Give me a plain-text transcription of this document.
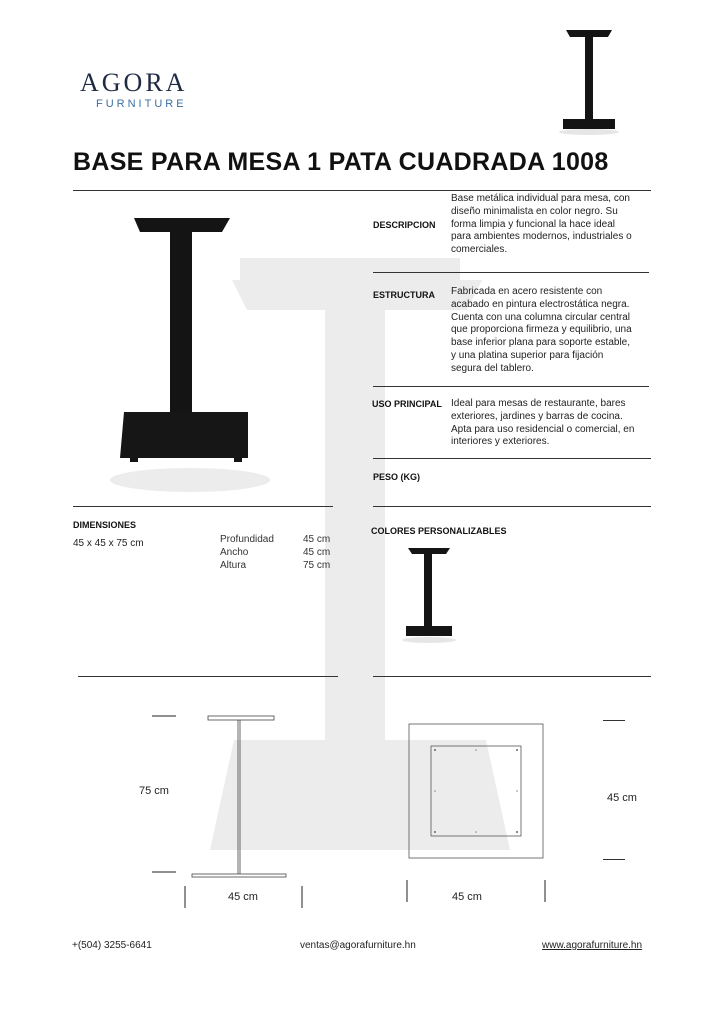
AGORA
FURNITURE
BASE PARA MESA 1 PATA CUADRADA 1008
DESCRIPCION
Base metálica individual para mesa, con
diseño minimalista en color negro. Su
forma limpia y funcional la hace ideal
para ambientes modernos, industriales o
comerciales.
ESTRUCTURA Fabricada en acero resistente con
acabado en pintura electrostática negra.
Cuenta con una columna circular central
que proporciona firmeza y equilibrio, una
base inferior plana para soporte estable,
y una platina superior para fijación
segura del tablero.
USO PRINCIPAL Ideal para mesas de restaurante, bares
exteriores, jardines y barras de cocina.
Apta para uso residencial o comercial, en
interiores y exteriores.
PESO (KG)
COLORES PERSONALIZABLES
DIMENSIONES
45 x 45 x 75 cm	Profundidad	45 cm
Ancho	45 cm
Altura	75 cm
75 cm
45 cm	45 cm
45 cm
+(504) 3255-6641	ventas@agorafurniture.hn	www.agorafurniture.hn
